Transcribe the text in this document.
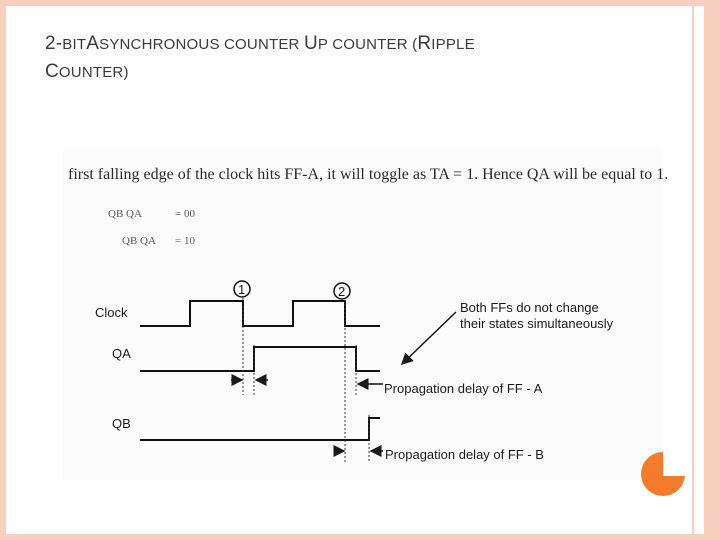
2-BITASYNCHRONOUS COUNTER UP COUNTER (RIPPLE
COUNTER)
first falling edge of the clock hits FF-A, it will toggle as TA = 1. Hence QA will be equal to 1.
QB QA	= 00
QB QA = 10
Clock
QA
QB
1	2
Propagation delay of FF - A
Propagation delay of FF - B
Both FFs do not change
their states simultaneously
